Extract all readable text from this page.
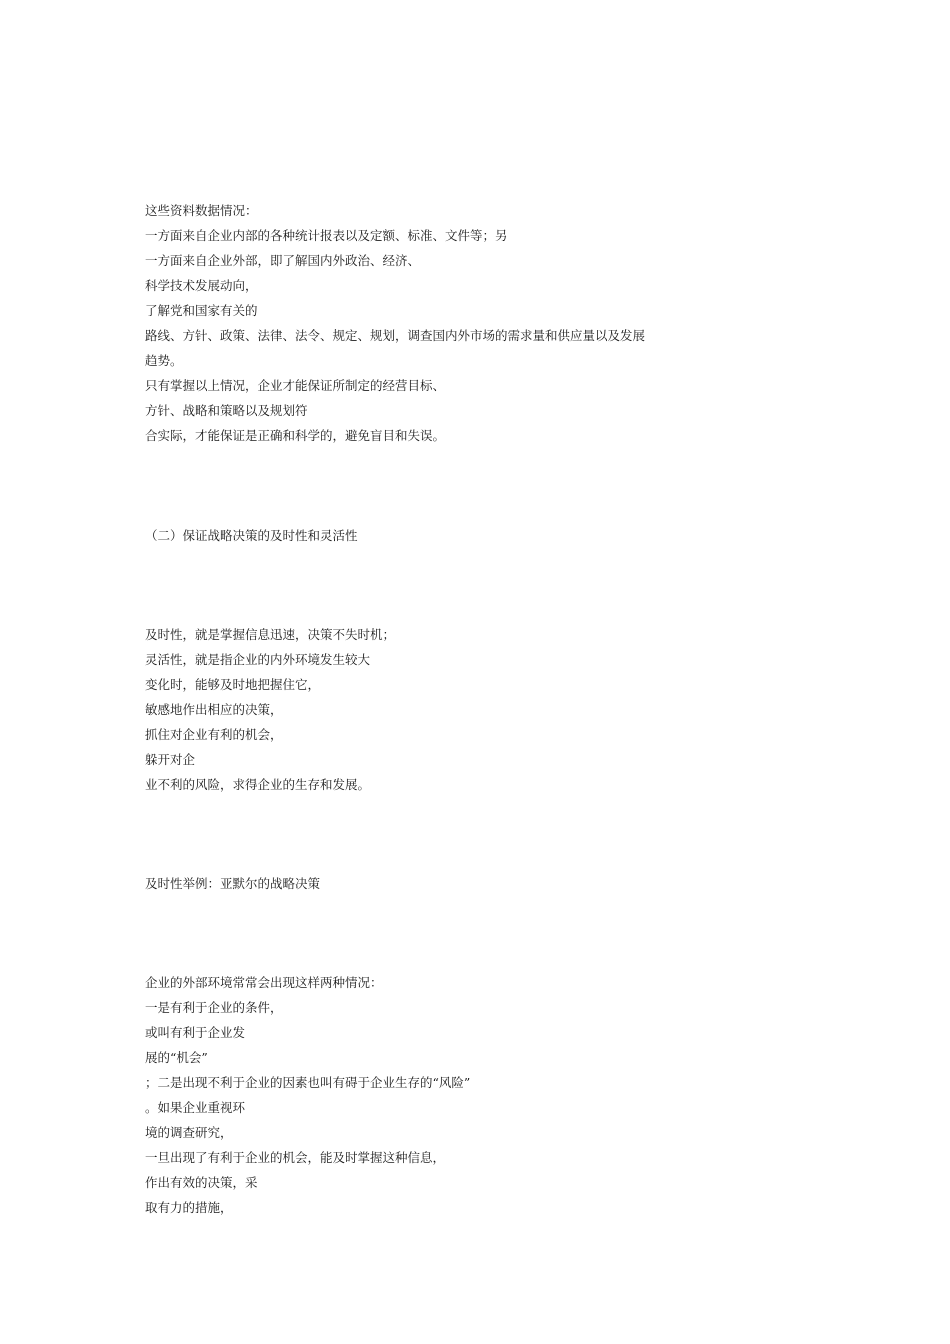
这些资料数据情况：
一方面来自企业内部的各种统计报表以及定额、标准、文件等；另
一方面来自企业外部，即了解国内外政治、经济、
科学技术发展动向，
了解党和国家有关的
路线、方针、政策、法律、法令、规定、规划，调查国内外市场的需求量和供应量以及发展
趋势。
只有掌握以上情况，企业才能保证所制定的经营目标、
方针、战略和策略以及规划符
合实际，才能保证是正确和科学的，避免盲目和失误。
（二）保证战略决策的及时性和灵活性
及时性，就是掌握信息迅速，决策不失时机；
灵活性，就是指企业的内外环境发生较大
变化时，能够及时地把握住它，
敏感地作出相应的决策，
抓住对企业有利的机会，
躲开对企
业不利的风险，求得企业的生存和发展。
及时性举例：亚默尔的战略决策
企业的外部环境常常会出现这样两种情况：
一是有利于企业的条件，
或叫有利于企业发
展的“机会”
；二是出现不利于企业的因素也叫有碍于企业生存的“风险”
。如果企业重视环
境的调查研究，
一旦出现了有利于企业的机会，能及时掌握这种信息，
作出有效的决策，采
取有力的措施，
